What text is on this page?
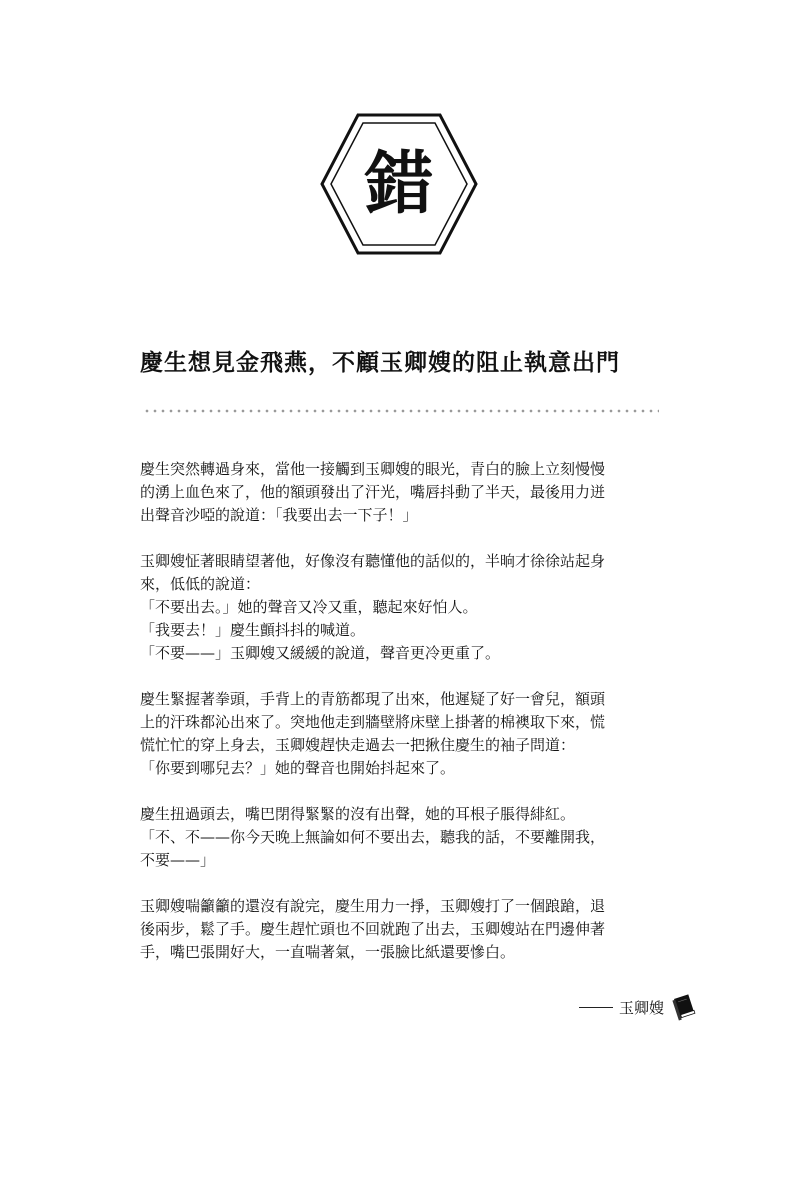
錯
慶生想見金飛燕，不顧玉卿嫂的阻止執意出門

慶生突然轉過身來，當他一接觸到玉卿嫂的眼光，青白的臉上立刻慢慢
的湧上血色來了，他的額頭發出了汗光，嘴唇抖動了半天，最後用力迸
出聲音沙啞的說道：「我要出去一下子！」

玉卿嫂怔著眼睛望著他，好像沒有聽懂他的話似的，半晌才徐徐站起身
來，低低的說道：
「不要出去。」她的聲音又冷又重，聽起來好怕人。
「我要去！」慶生顫抖抖的喊道。
「不要——」玉卿嫂又緩緩的說道，聲音更冷更重了。

慶生緊握著拳頭，手背上的青筋都現了出來，他遲疑了好一會兒，額頭
上的汗珠都沁出來了。突地他走到牆壁將床壁上掛著的棉襖取下來，慌
慌忙忙的穿上身去，玉卿嫂趕快走過去一把揪住慶生的袖子問道：
「你要到哪兒去？」她的聲音也開始抖起來了。

慶生扭過頭去，嘴巴閉得緊緊的沒有出聲，她的耳根子脹得緋紅。
「不、不——你今天晚上無論如何不要出去，聽我的話，不要離開我，
不要——」

玉卿嫂喘籲籲的還沒有說完，慶生用力一掙，玉卿嫂打了一個踉蹌，退
後兩步，鬆了手。慶生趕忙頭也不回就跑了出去，玉卿嫂站在門邊伸著
手，嘴巴張開好大，一直喘著氣，一張臉比紙還要慘白。

玉卿嫂
